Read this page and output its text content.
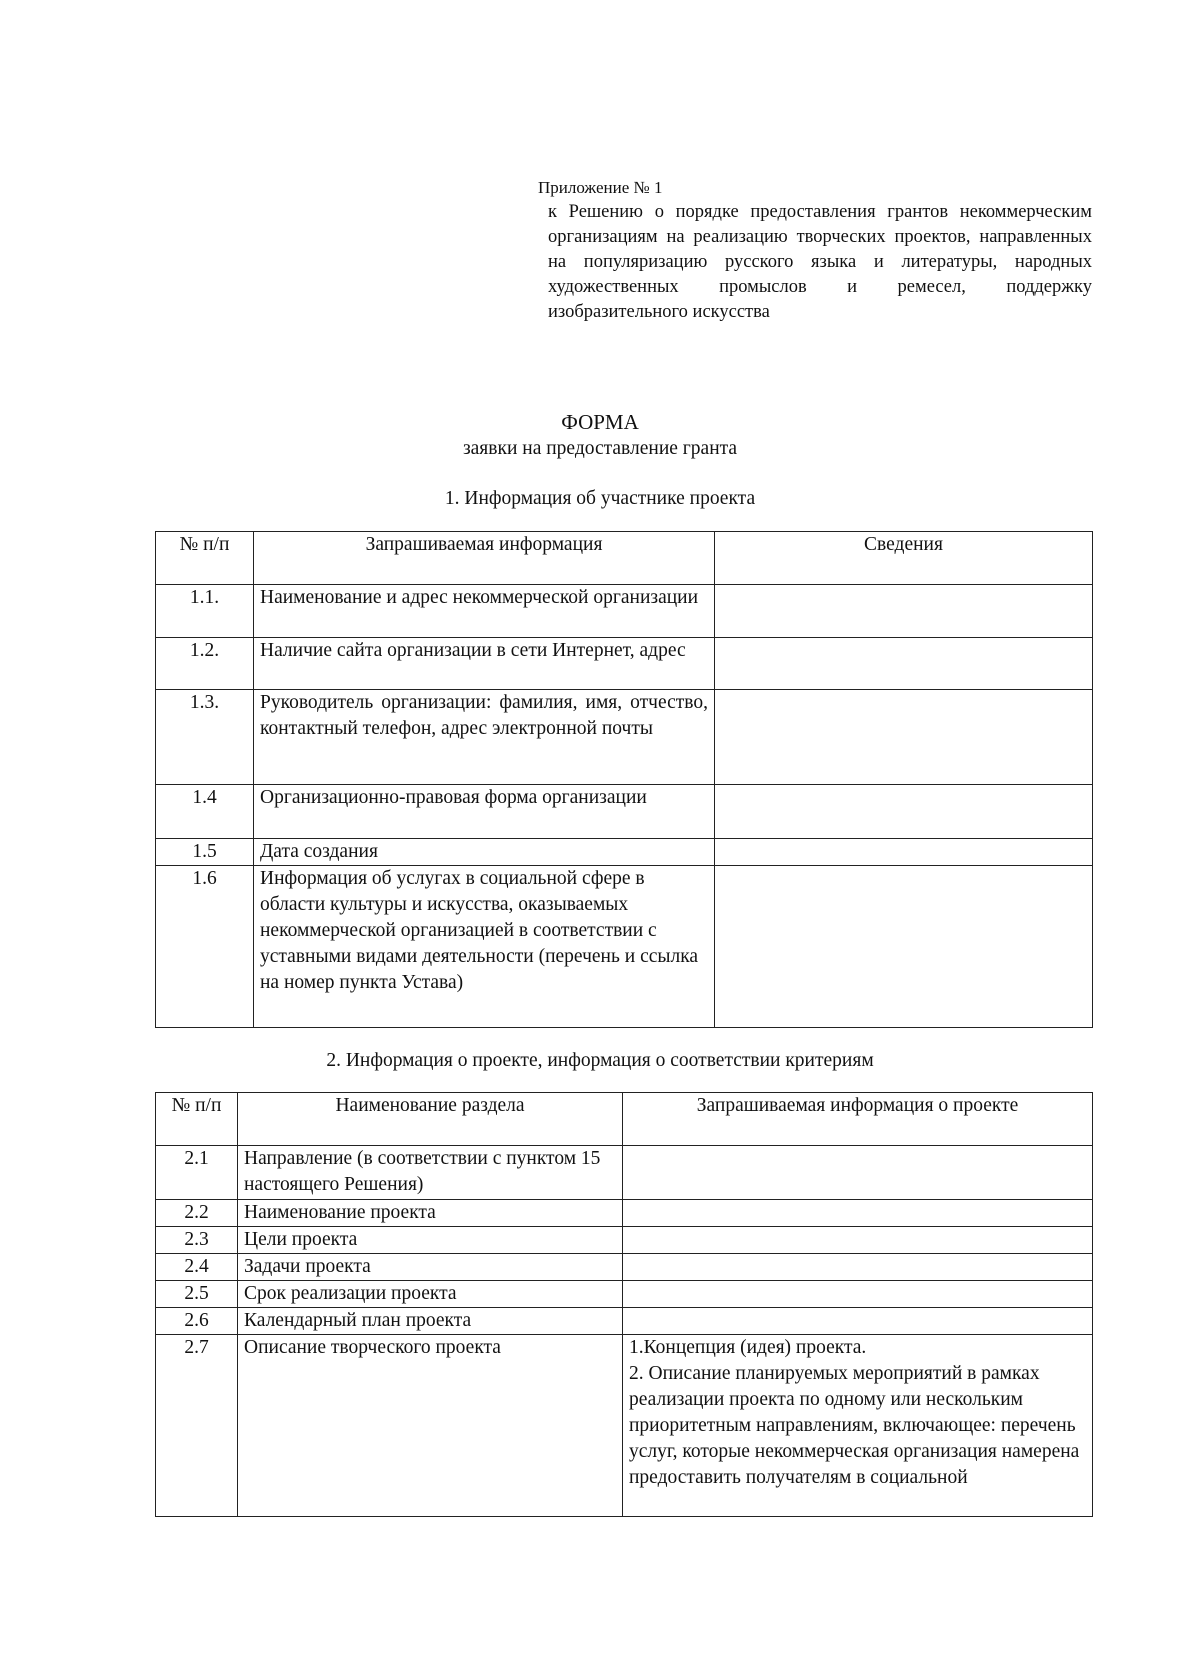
Приложение № 1
к Решению о порядке предоставления грантов некоммерческим организациям на реализацию творческих проектов, направленных на популяризацию русского языка и литературы, народных художественных промыслов и ремесел, поддержку изобразительного искусства
ФОРМА
заявки на предоставление гранта
1. Информация об участнике проекта
№ п/п	Запрашиваемая информация	Сведения
1.1.	Наименование и адрес некоммерческой организации	
1.2.	Наличие сайта организации в сети Интернет, адрес	
1.3.	Руководитель организации: фамилия, имя, отчество, контактный телефон, адрес электронной почты	
1.4	Организационно-правовая форма организации	
1.5	Дата создания	
1.6	Информация об услугах в социальной сфере в области культуры и искусства, оказываемых некоммерческой организацией в соответствии с уставными видами деятельности (перечень и ссылка на номер пункта Устава)	
2. Информация о проекте, информация о соответствии критериям
№ п/п	Наименование раздела	Запрашиваемая информация о проекте
2.1	Направление (в соответствии с пунктом 15 настоящего Решения)	
2.2	Наименование проекта	
2.3	Цели проекта	
2.4	Задачи проекта	
2.5	Срок реализации проекта	
2.6	Календарный план проекта	
2.7	Описание творческого проекта	1.Концепция (идея) проекта.
2. Описание планируемых мероприятий в рамках реализации проекта по одному или нескольким приоритетным направлениям, включающее: перечень услуг, которые некоммерческая организация намерена предоставить получателям в социальной
